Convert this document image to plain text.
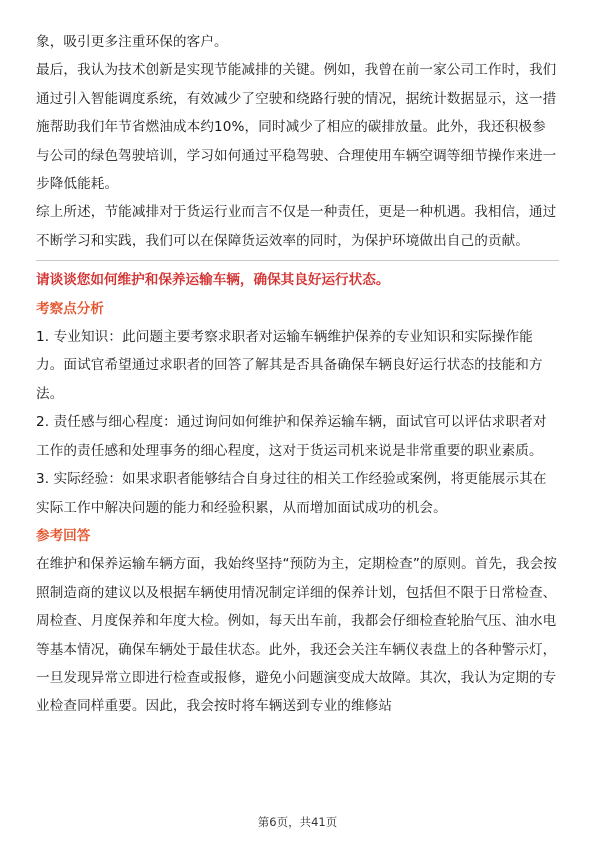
象，吸引更多注重环保的客户。

最后，我认为技术创新是实现节能减排的关键。例如，我曾在前一家公司工作时，我们通过引入智能调度系统，有效减少了空驶和绕路行驶的情况，据统计数据显示，这一措施帮助我们年节省燃油成本约10%，同时减少了相应的碳排放量。此外，我还积极参与公司的绿色驾驶培训，学习如何通过平稳驾驶、合理使用车辆空调等细节操作来进一步降低能耗。

综上所述，节能减排对于货运行业而言不仅是一种责任，更是一种机遇。我相信，通过不断学习和实践，我们可以在保障货运效率的同时，为保护环境做出自己的贡献。

请谈谈您如何维护和保养运输车辆，确保其良好运行状态。

考察点分析

1. 专业知识：此问题主要考察求职者对运输车辆维护保养的专业知识和实际操作能力。面试官希望通过求职者的回答了解其是否具备确保车辆良好运行状态的技能和方法。

2. 责任感与细心程度：通过询问如何维护和保养运输车辆，面试官可以评估求职者对工作的责任感和处理事务的细心程度，这对于货运司机来说是非常重要的职业素质。

3. 实际经验：如果求职者能够结合自身过往的相关工作经验或案例，将更能展示其在实际工作中解决问题的能力和经验积累，从而增加面试成功的机会。

参考回答

在维护和保养运输车辆方面，我始终坚持“预防为主，定期检查”的原则。首先，我会按照制造商的建议以及根据车辆使用情况制定详细的保养计划，包括但不限于日常检查、周检查、月度保养和年度大检。例如，每天出车前，我都会仔细检查轮胎气压、油水电等基本情况，确保车辆处于最佳状态。此外，我还会关注车辆仪表盘上的各种警示灯，一旦发现异常立即进行检查或报修，避免小问题演变成大故障。其次，我认为定期的专业检查同样重要。因此，我会按时将车辆送到专业的维修站

第6页，共41页
